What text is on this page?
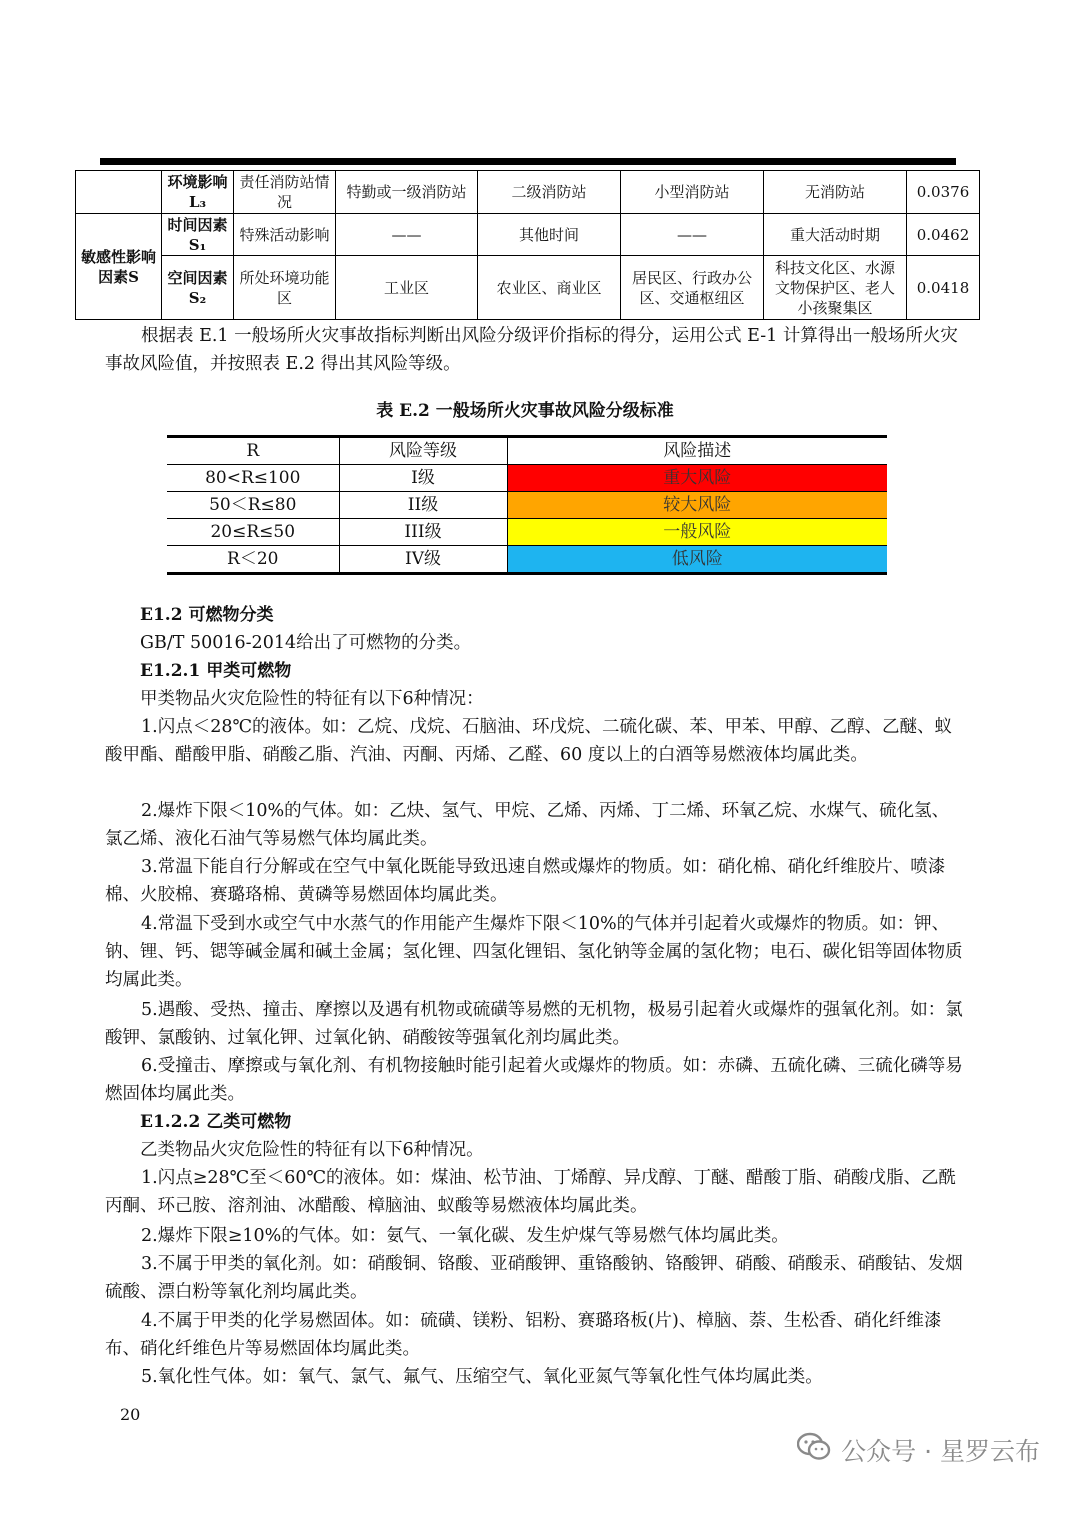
	环境影响L₃	责任消防站情况	特勤或一级消防站	二级消防站	小型消防站	无消防站	0.0376
敏感性影响因素S	时间因素S₁	特殊活动影响	——	其他时间	——	重大活动时期	0.0462
	空间因素S₂	所处环境功能区	工业区	农业区、商业区	居民区、行政办公区、交通枢纽区	科技文化区、水源文物保护区、老人小孩聚集区	0.0418

根据表 E.1 一般场所火灾事故指标判断出风险分级评价指标的得分，运用公式 E-1 计算得出一般场所火灾事故风险值，并按照表 E.2 得出其风险等级。

表 E.2 一般场所火灾事故风险分级标准

R	风险等级	风险描述
80<R≤100	I级	重大风险
50＜R≤80	II级	较大风险
20≤R≤50	III级	一般风险
R＜20	IV级	低风险

E1.2 可燃物分类

GB/T 50016-2014给出了可燃物的分类。

E1.2.1 甲类可燃物

甲类物品火灾危险性的特征有以下6种情况：

1.闪点＜28℃的液体。如：乙烷、戊烷、石脑油、环戊烷、二硫化碳、苯、甲苯、甲醇、乙醇、乙醚、蚁酸甲酯、醋酸甲脂、硝酸乙脂、汽油、丙酮、丙烯、乙醛、60 度以上的白酒等易燃液体均属此类。

2.爆炸下限＜10%的气体。如：乙炔、氢气、甲烷、乙烯、丙烯、丁二烯、环氧乙烷、水煤气、硫化氢、氯乙烯、液化石油气等易燃气体均属此类。

3.常温下能自行分解或在空气中氧化既能导致迅速自燃或爆炸的物质。如：硝化棉、硝化纤维胶片、喷漆棉、火胶棉、赛璐珞棉、黄磷等易燃固体均属此类。

4.常温下受到水或空气中水蒸气的作用能产生爆炸下限＜10%的气体并引起着火或爆炸的物质。如：钾、钠、锂、钙、锶等碱金属和碱土金属；氢化锂、四氢化锂铝、氢化钠等金属的氢化物；电石、碳化铝等固体物质均属此类。

5.遇酸、受热、撞击、摩擦以及遇有机物或硫磺等易燃的无机物，极易引起着火或爆炸的强氧化剂。如：氯酸钾、氯酸钠、过氧化钾、过氧化钠、硝酸铵等强氧化剂均属此类。

6.受撞击、摩擦或与氧化剂、有机物接触时能引起着火或爆炸的物质。如：赤磷、五硫化磷、三硫化磷等易燃固体均属此类。

E1.2.2 乙类可燃物

乙类物品火灾危险性的特征有以下6种情况。

1.闪点≥28℃至＜60℃的液体。如：煤油、松节油、丁烯醇、异戊醇、丁醚、醋酸丁脂、硝酸戊脂、乙酰丙酮、环己胺、溶剂油、冰醋酸、樟脑油、蚁酸等易燃液体均属此类。

2.爆炸下限≥10%的气体。如：氨气、一氧化碳、发生炉煤气等易燃气体均属此类。

3.不属于甲类的氧化剂。如：硝酸铜、铬酸、亚硝酸钾、重铬酸钠、铬酸钾、硝酸、硝酸汞、硝酸钴、发烟硫酸、漂白粉等氧化剂均属此类。

4.不属于甲类的化学易燃固体。如：硫磺、镁粉、铝粉、赛璐珞板(片)、樟脑、萘、生松香、硝化纤维漆布、硝化纤维色片等易燃固体均属此类。

5.氧化性气体。如：氧气、氯气、氟气、压缩空气、氧化亚氮气等氧化性气体均属此类。

20

公众号 · 星罗云布
